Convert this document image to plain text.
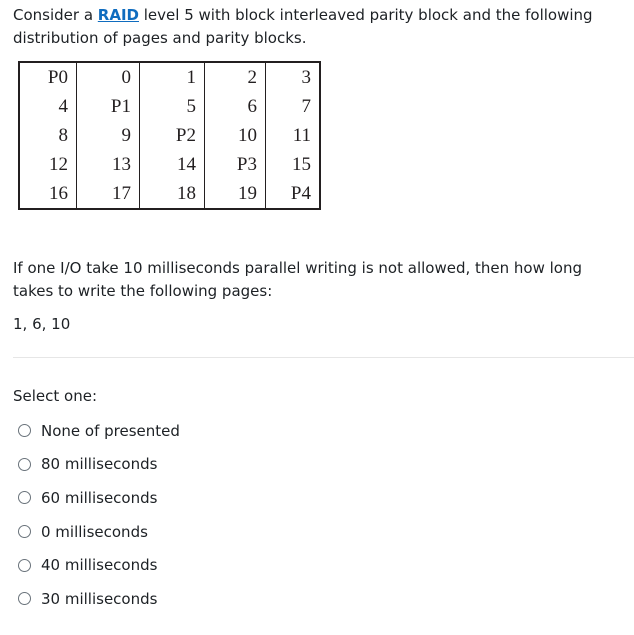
Consider a RAID level 5 with block interleaved parity block and the following distribution of pages and parity blocks.

P0	0	1	2	3
4	P1	5	6	7
8	9	P2	10	11
12	13	14	P3	15
16	17	18	19	P4

If one I/O take 10 milliseconds parallel writing is not allowed, then how long takes to write the following pages:

1, 6, 10

Select one:

None of presented
80 milliseconds
60 milliseconds
0 milliseconds
40 milliseconds
30 milliseconds
